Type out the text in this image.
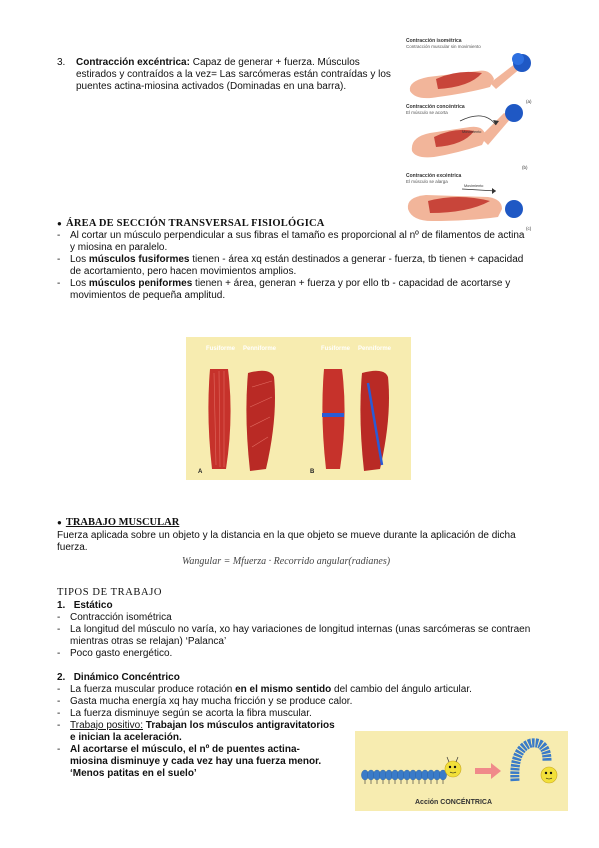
3. Contracción excéntrica: Capaz de generar + fuerza. Músculos estirados y contraídos a la vez= Las sarcómeras están contraídas y los puentes actina-miosina activados (Dominadas en una barra).
Contracción isométrica
Contracción muscular sin movimiento
(a)
Contracción concéntrica
El músculo se acorta
Movimiento
(b)
Contracción excéntrica
El músculo se alarga
Movimiento
(c)
● ÁREA DE SECCIÓN TRANSVERSAL FISIOLÓGICA
- Al cortar un músculo perpendicular a sus fibras el tamaño es proporcional al nº de filamentos de actina y miosina en paralelo.
- Los músculos fusiformes tienen - área xq están destinados a generar - fuerza, tb tienen + capacidad de acortamiento, pero hacen movimientos amplios.
- Los músculos peniformes tienen + área, generan + fuerza y por ello tb - capacidad de acortarse y movimientos de pequeña amplitud.
Fusiforme Penniforme
A
Fusiforme Penniforme
B
● TRABAJO MUSCULAR
Fuerza aplicada sobre un objeto y la distancia en la que objeto se mueve durante la aplicación de dicha fuerza.
Wangular = Mfuerza · Recorrido angular(radianes)
TIPOS DE TRABAJO
1. Estático
- Contracción isométrica
- La longitud del músculo no varía, xo hay variaciones de longitud internas (unas sarcómeras se contraen mientras otras se relajan) ‘Palanca’
- Poco gasto energético.
2. Dinámico Concéntrico
- La fuerza muscular produce rotación en el mismo sentido del cambio del ángulo articular.
- Gasta mucha energía xq hay mucha fricción y se produce calor.
- La fuerza disminuye según se acorta la fibra muscular.
- Trabajo positivo: Trabajan los músculos antigravitatorios e inician la aceleración.
- Al acortarse el músculo, el nº de puentes actina-miosina disminuye y cada vez hay una fuerza menor. ‘Menos patitas en el suelo’
Acción CONCÉNTRICA
